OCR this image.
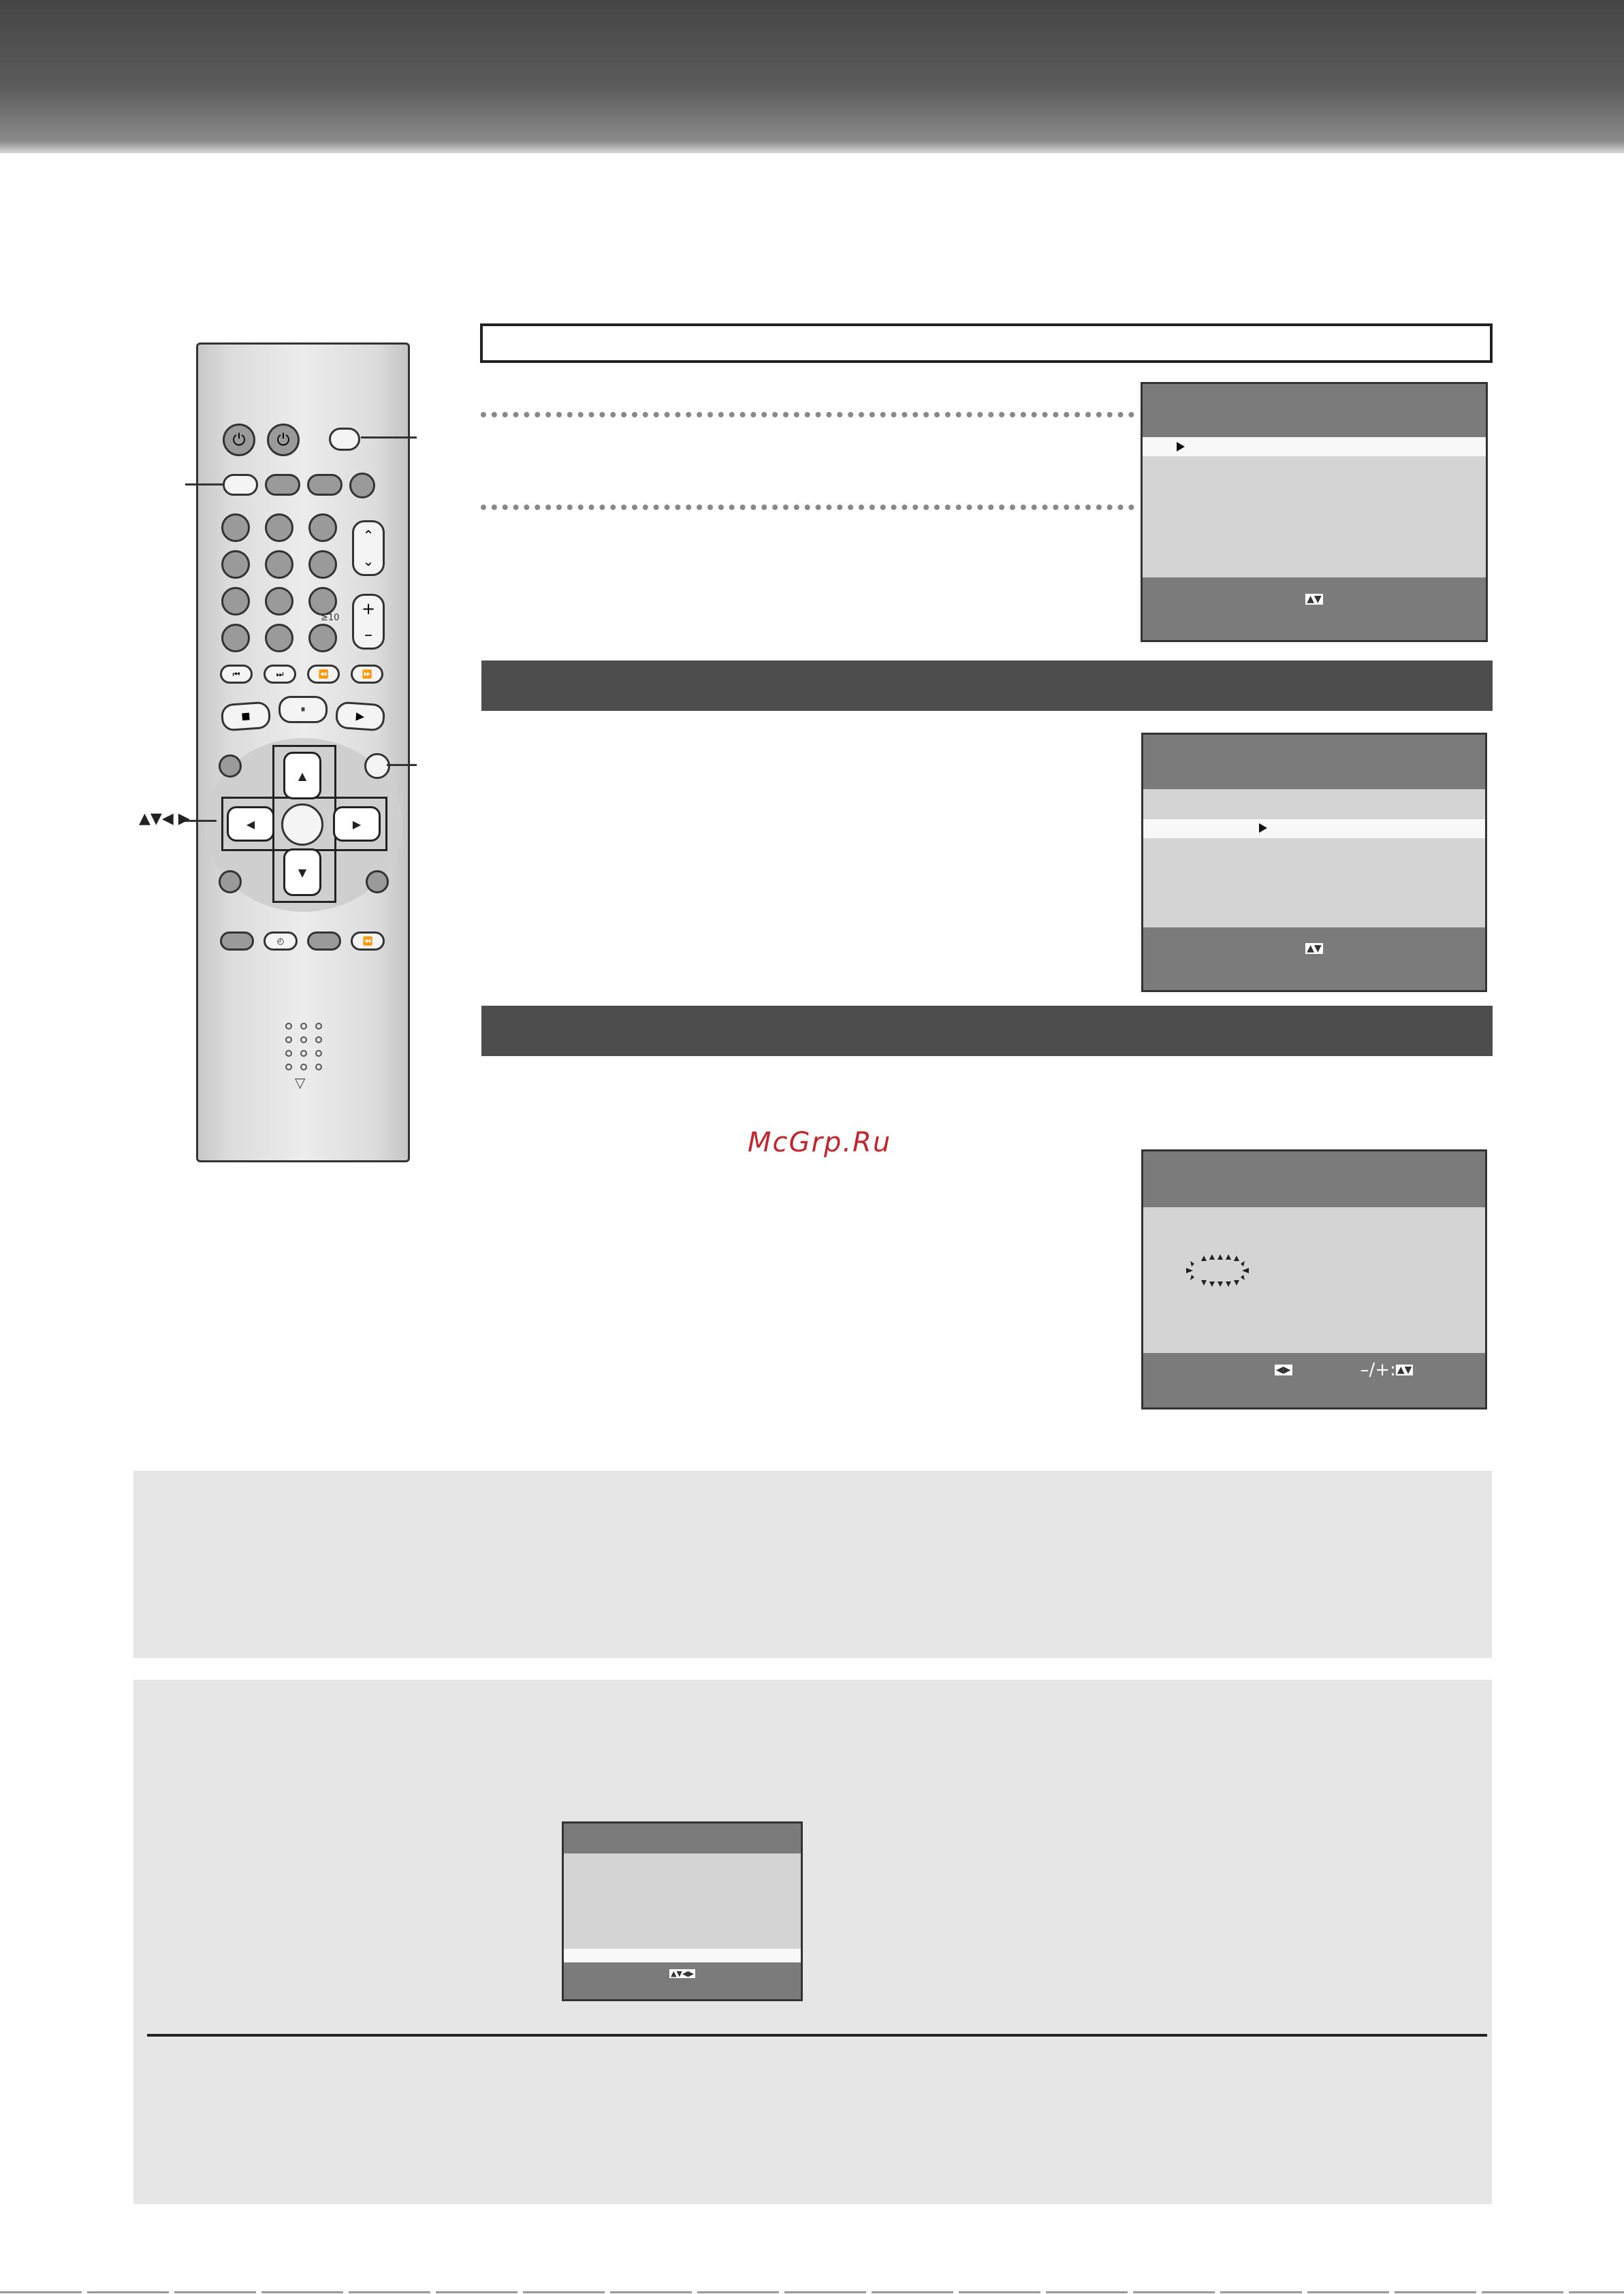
⏻ ⏻
≥10
⌃
⌄
+
–
⏮	⏭	⏪	⏩
■
⏸	▶
▲
▼
◀	▶
◴	⏪
▽
▲▼◀ ▶
▲▼
▲▼
McGrp.Ru
◀▶	–/+: ▲▼
▲▼◀▶
